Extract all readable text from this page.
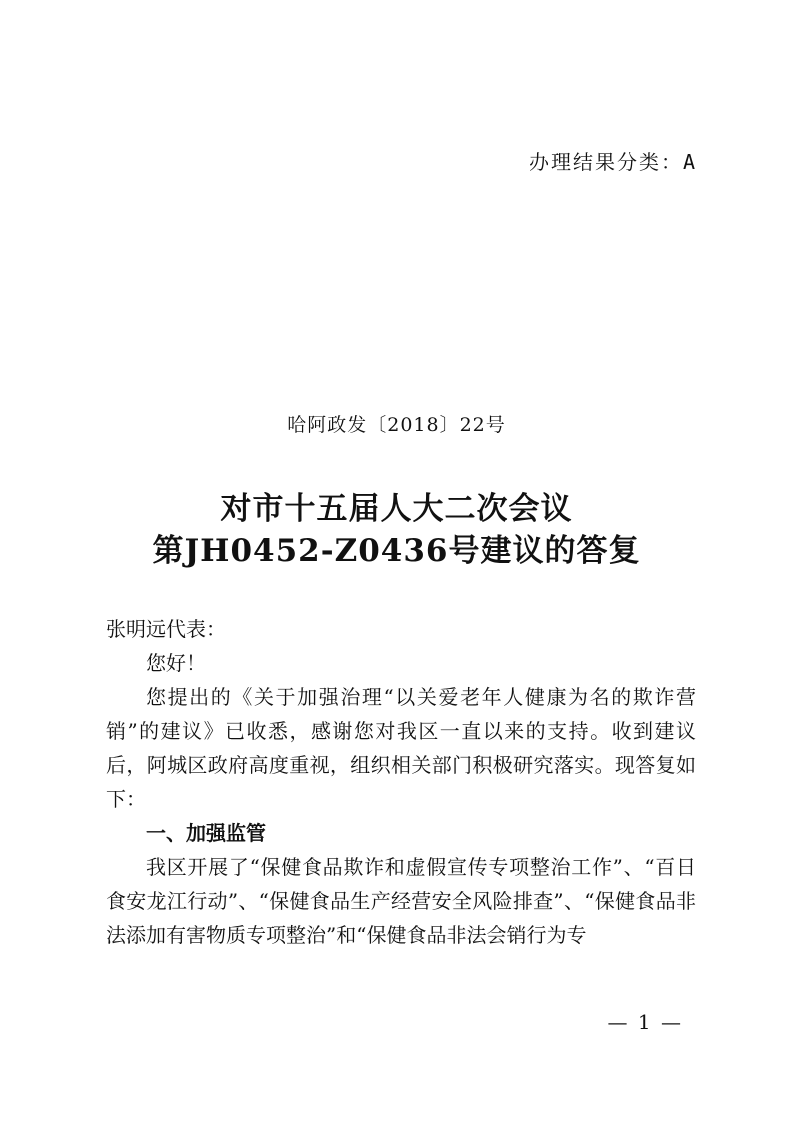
办理结果分类：A
哈阿政发〔2018〕22号
对市十五届人大二次会议
第JH0452-Z0436号建议的答复
张明远代表：
您好！
您提出的《关于加强治理“以关爱老年人健康为名的欺诈营销”的建议》已收悉，感谢您对我区一直以来的支持。收到建议后，阿城区政府高度重视，组织相关部门积极研究落实。现答复如下：
一、加强监管
我区开展了“保健食品欺诈和虚假宣传专项整治工作”、“百日食安龙江行动”、“保健食品生产经营安全风险排查”、“保健食品非法添加有害物质专项整治”和“保健食品非法会销行为专
— 1 —
